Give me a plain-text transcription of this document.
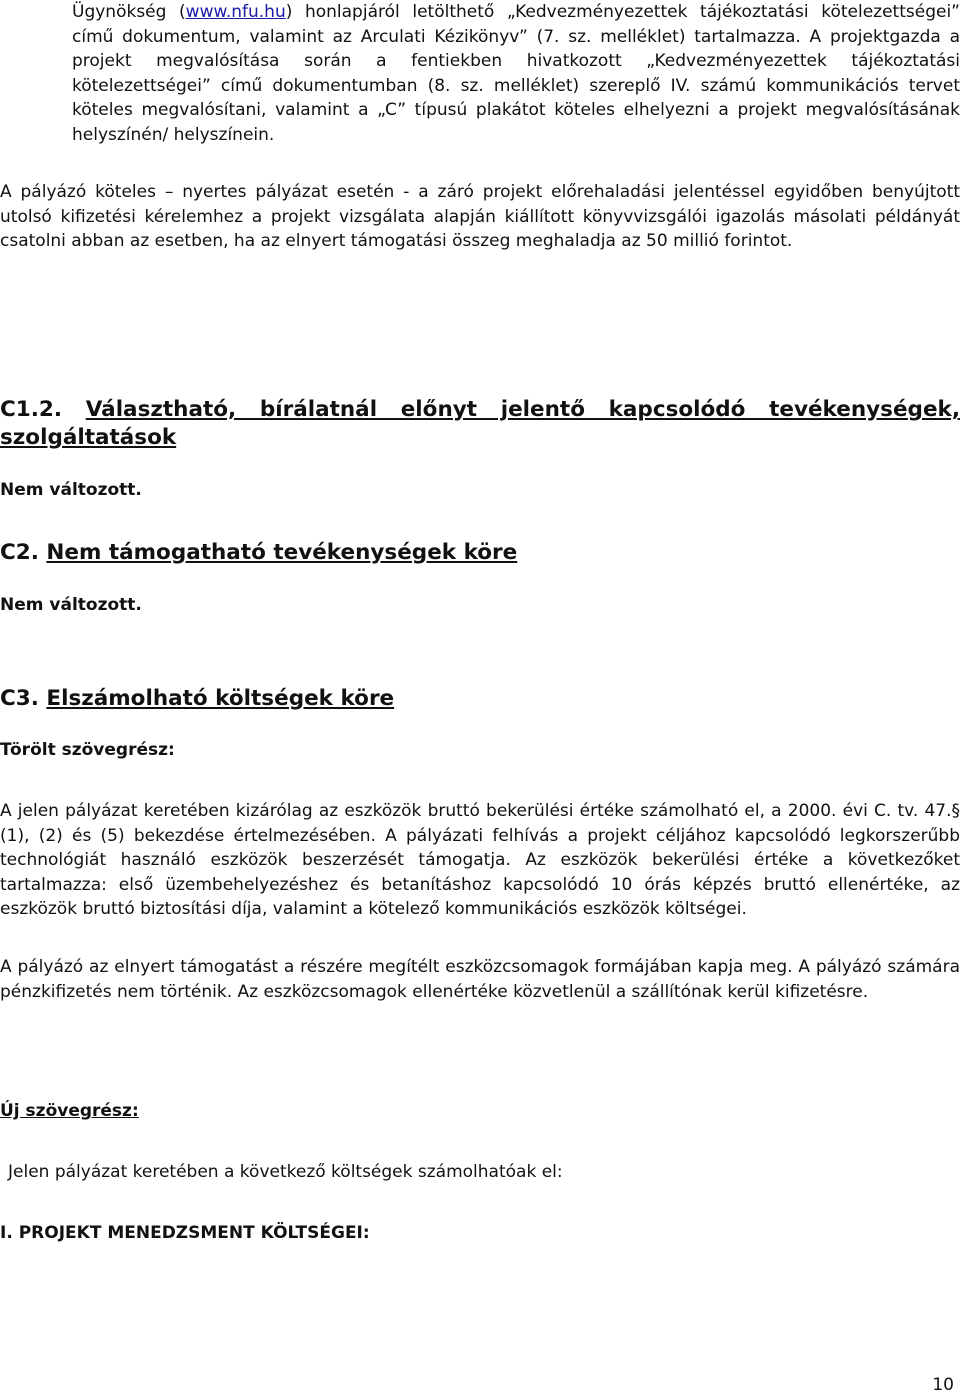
Ügynökség (www.nfu.hu) honlapjáról letölthető „Kedvezményezettek tájékoztatási kötelezettségei” című dokumentum, valamint az Arculati Kézikönyv” (7. sz. melléklet) tartalmazza. A projektgazda a projekt megvalósítása során a fentiekben hivatkozott „Kedvezményezettek tájékoztatási kötelezettségei” című dokumentumban (8. sz. melléklet) szereplő IV. számú kommunikációs tervet köteles megvalósítani, valamint a „C” típusú plakátot köteles elhelyezni a projekt megvalósításának helyszínén/ helyszínein.

A pályázó köteles – nyertes pályázat esetén - a záró projekt előrehaladási jelentéssel egyidőben benyújtott utolsó kifizetési kérelemhez a projekt vizsgálata alapján kiállított könyvvizsgálói igazolás másolati példányát csatolni abban az esetben, ha az elnyert támogatási összeg meghaladja az 50 millió forintot.

C1.2. Választható, bírálatnál előnyt jelentő kapcsolódó tevékenységek, szolgáltatások
Nem változott.
C2. Nem támogatható tevékenységek köre
Nem változott.
C3. Elszámolható költségek köre
Törölt szövegrész:

A jelen pályázat keretében kizárólag az eszközök bruttó bekerülési értéke számolható el, a 2000. évi C. tv. 47.§ (1), (2) és (5) bekezdése értelmezésében. A pályázati felhívás a projekt céljához kapcsolódó legkorszerűbb technológiát használó eszközök beszerzését támogatja. Az eszközök bekerülési értéke a következőket tartalmazza: első üzembehelyezéshez és betanításhoz kapcsolódó 10 órás képzés bruttó ellenértéke, az eszközök bruttó biztosítási díja, valamint a kötelező kommunikációs eszközök költségei.

A pályázó az elnyert támogatást a részére megítélt eszközcsomagok formájában kapja meg. A pályázó számára pénzkifizetés nem történik. Az eszközcsomagok ellenértéke közvetlenül a szállítónak kerül kifizetésre.

Új szövegrész:

Jelen pályázat keretében a következő költségek számolhatóak el:

I. PROJEKT MENEDZSMENT KÖLTSÉGEI:
10
